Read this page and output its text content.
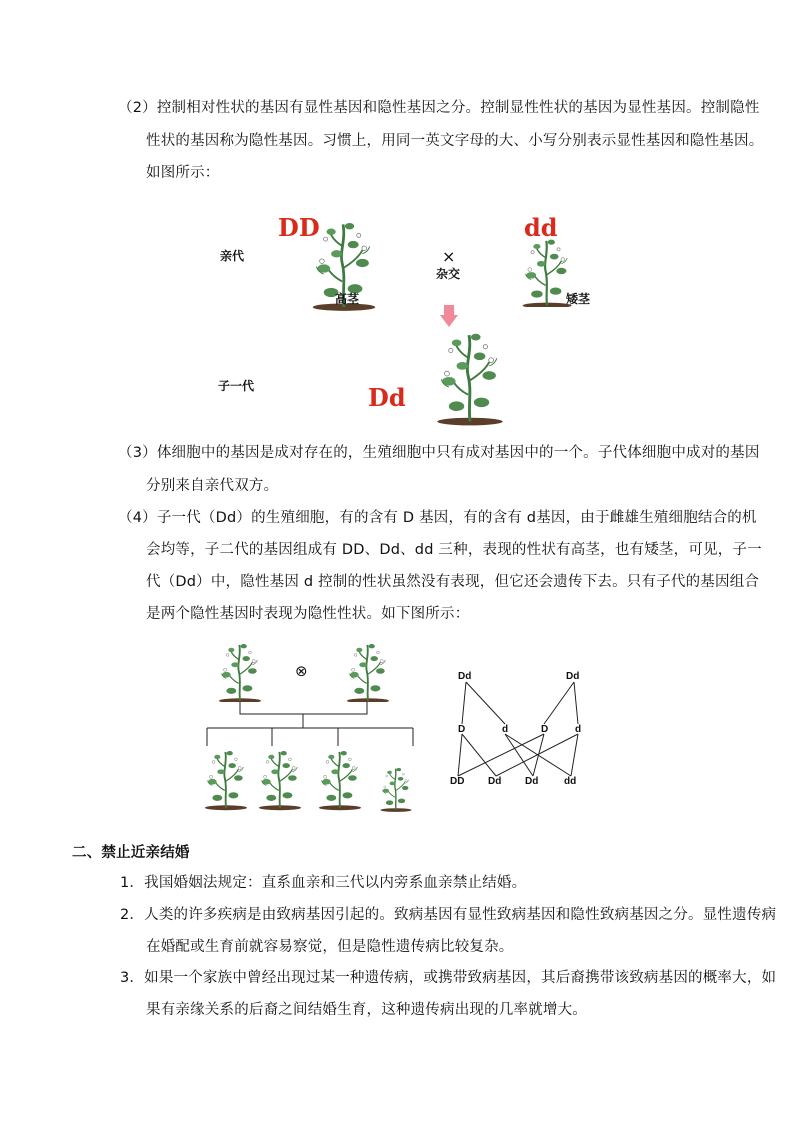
（2）控制相对性状的基因有显性基因和隐性基因之分。控制显性性状的基因为显性基因。控制隐性
性状的基因称为隐性基因。习惯上，用同一英文字母的大、小写分别表示显性基因和隐性基因。
如图所示：
DD
亲代
高茎
×
杂交
dd
矮茎
子一代	Dd
（3）体细胞中的基因是成对存在的，生殖细胞中只有成对基因中的一个。子代体细胞中成对的基因
分别来自亲代双方。
（4）子一代（Dd）的生殖细胞，有的含有 D 基因，有的含有 d基因，由于雌雄生殖细胞结合的机
会均等，子二代的基因组成有 DD、Dd、dd 三种，表现的性状有高茎，也有矮茎，可见，子一
代（Dd）中，隐性基因 d 控制的性状虽然没有表现，但它还会遗传下去。只有子代的基因组合
是两个隐性基因时表现为隐性性状。如下图所示：
⊗	Dd	Dd
D	d	D	d
DD Dd Dd	dd
二、禁止近亲结婚
1．我国婚姻法规定：直系血亲和三代以内旁系血亲禁止结婚。
2．人类的许多疾病是由致病基因引起的。致病基因有显性致病基因和隐性致病基因之分。显性遗传病
在婚配或生育前就容易察觉，但是隐性遗传病比较复杂。
3．如果一个家族中曾经出现过某一种遗传病，或携带致病基因，其后裔携带该致病基因的概率大，如
果有亲缘关系的后裔之间结婚生育，这种遗传病出现的几率就增大。
